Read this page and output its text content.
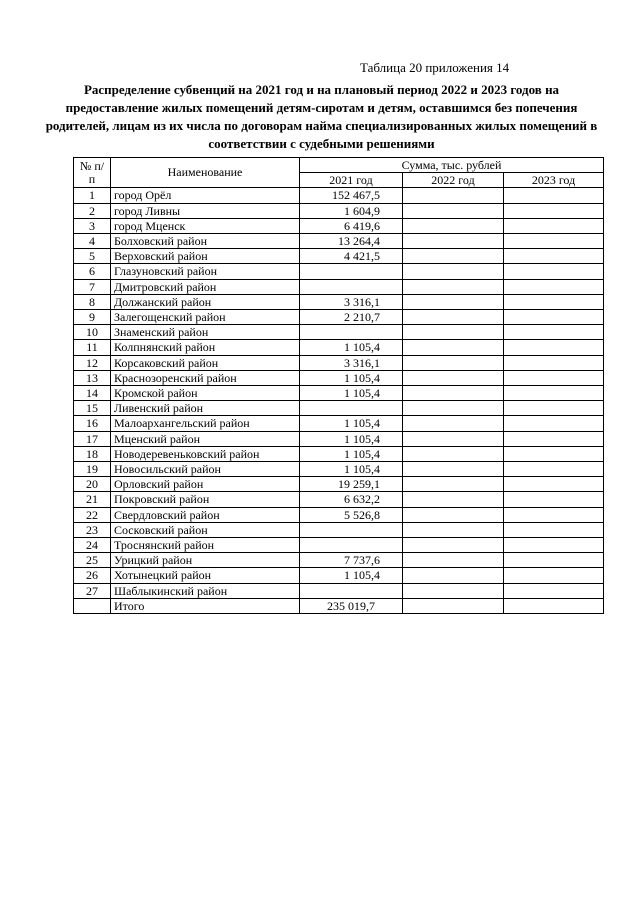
Таблица 20 приложения 14

Распределение субвенций на 2021 год и на плановый период 2022 и 2023 годов на предоставление жилых помещений детям-сиротам и детям, оставшимся без попечения родителей, лицам из их числа по договорам найма специализированных жилых помещений в соответствии с судебными решениями

№ п/п	Наименование	Сумма, тыс. рублей		
		2021 год	2022 год	2023 год
1	город Орёл	152 467,5		
2	город Ливны	1 604,9		
3	город Мценск	6 419,6		
4	Болховский район	13 264,4		
5	Верховский район	4 421,5		
6	Глазуновский район			
7	Дмитровский район			
8	Должанский район	3 316,1		
9	Залегощенский район	2 210,7		
10	Знаменский район			
11	Колпнянский район	1 105,4		
12	Корсаковский район	3 316,1		
13	Краснозоренский район	1 105,4		
14	Кромской район	1 105,4		
15	Ливенский район			
16	Малоархангельский район	1 105,4		
17	Мценский район	1 105,4		
18	Новодеревеньковский район	1 105,4		
19	Новосильский район	1 105,4		
20	Орловский район	19 259,1		
21	Покровский район	6 632,2		
22	Свердловский район	5 526,8		
23	Сосковский район			
24	Троснянский район			
25	Урицкий район	7 737,6		
26	Хотынецкий район	1 105,4		
27	Шаблыкинский район			
	Итого	235 019,7		
